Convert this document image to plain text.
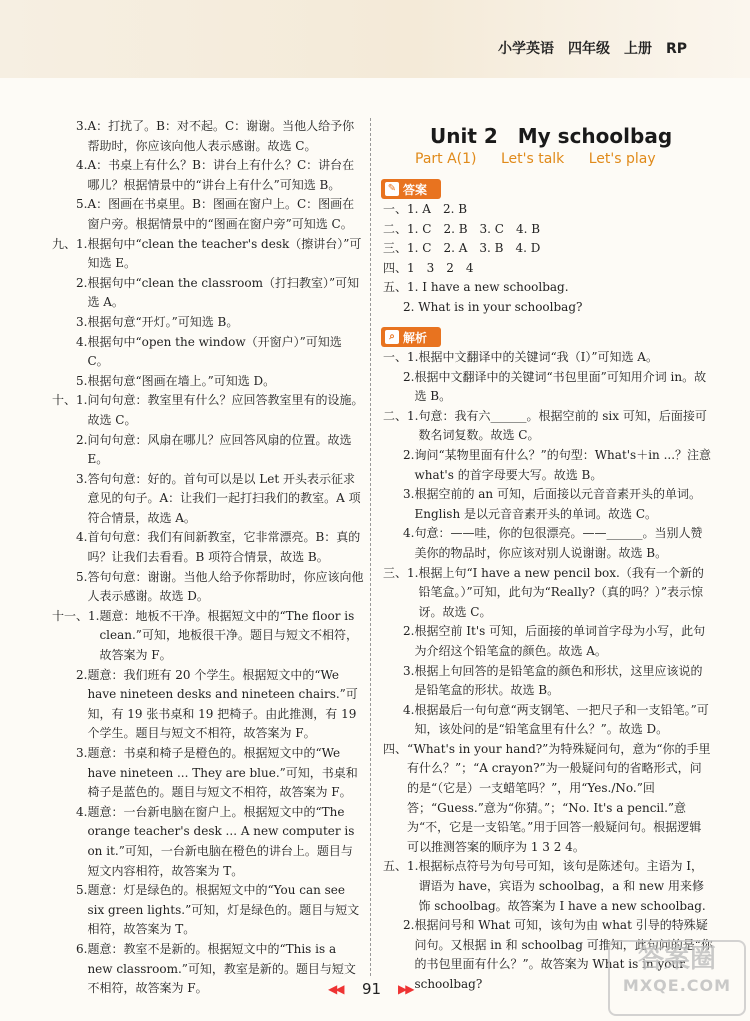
小学英语　四年级　上册　RP
3. A：打扰了。B：对不起。C：谢谢。当他人给予你帮助时，你应该向他人表示感谢。故选 C。
4. A：书桌上有什么？B：讲台上有什么？C：讲台在哪儿？根据情景中的“讲台上有什么”可知选 B。
5. A：图画在书桌里。B：图画在窗户上。C：图画在窗户旁。根据情景中的“图画在窗户旁”可知选 C。
九、1. 根据句中“clean the teacher's desk（擦讲台）”可知选 E。
2. 根据句中“clean the classroom（打扫教室）”可知选 A。
3. 根据句意“开灯。”可知选 B。
4. 根据句中“open the window（开窗户）”可知选 C。
5. 根据句意“图画在墙上。”可知选 D。
十、1. 问句句意：教室里有什么？应回答教室里有的设施。故选 C。
2. 问句句意：风扇在哪儿？应回答风扇的位置。故选 E。
3. 答句句意：好的。首句可以是以 Let 开头表示征求意见的句子。A：让我们一起打扫我们的教室。A 项符合情景，故选 A。
4. 首句句意：我们有间新教室，它非常漂亮。B：真的吗？让我们去看看。B 项符合情景，故选 B。
5. 答句句意：谢谢。当他人给予你帮助时，你应该向他人表示感谢。故选 D。
十一、1. 题意：地板不干净。根据短文中的“The floor is clean.”可知，地板很干净。题目与短文不相符，故答案为 F。
2. 题意：我们班有 20 个学生。根据短文中的“We have nineteen desks and nineteen chairs.”可知，有 19 张书桌和 19 把椅子。由此推测，有 19 个学生。题目与短文不相符，故答案为 F。
3. 题意：书桌和椅子是橙色的。根据短文中的“We have nineteen ... They are blue.”可知，书桌和椅子是蓝色的。题目与短文不相符，故答案为 F。
4. 题意：一台新电脑在窗户上。根据短文中的“The orange teacher's desk ... A new computer is on it.”可知，一台新电脑在橙色的讲台上。题目与短文内容相符，故答案为 T。
5. 题意：灯是绿色的。根据短文中的“You can see six green lights.”可知，灯是绿色的。题目与短文相符，故答案为 T。
6. 题意：教室不是新的。根据短文中的“This is a new classroom.”可知，教室是新的。题目与短文不相符，故答案为 F。
Unit 2　My schoolbag
Part A(1) Let's talk Let's play
✎ 答案
一、 1. A　2. B
二、 1. C　2. B　3. C　4. B
三、 1. C　2. A　3. B　4. D
四、 1　3　2　4
五、 1. I have a new schoolbag.
2. What is in your schoolbag?
⌕ 解析
一、1. 根据中文翻译中的关键词“我（I）”可知选 A。
2. 根据中文翻译中的关键词“书包里面”可知用介词 in。故选 B。
二、1. 句意：我有六______。根据空前的 six 可知，后面接可数名词复数。故选 C。
2. 询问“某物里面有什么？”的句型：What's＋in ...？注意 what's 的首字母要大写。故选 B。
3. 根据空前的 an 可知，后面接以元音音素开头的单词。English 是以元音音素开头的单词。故选 C。
4. 句意：——哇，你的包很漂亮。——______。当别人赞美你的物品时，你应该对别人说谢谢。故选 B。
三、1. 根据上句“I have a new pencil box.（我有一个新的铅笔盒。）”可知，此句为“Really?（真的吗？）”表示惊讶。故选 C。
2. 根据空前 It's 可知，后面接的单词首字母为小写，此句为介绍这个铅笔盒的颜色。故选 A。
3. 根据上句回答的是铅笔盒的颜色和形状，这里应该说的是铅笔盒的形状。故选 B。
4. 根据最后一句句意“两支钢笔、一把尺子和一支铅笔。”可知，该处问的是“铅笔盒里有什么？”。故选 D。
四、 “What's in your hand?”为特殊疑问句，意为“你的手里有什么？”；“A crayon?”为一般疑问句的省略形式，问的是“（它是）一支蜡笔吗？”，用“Yes./No.”回答；“Guess.”意为“你猜。”；“No. It's a pencil.”意为“不，它是一支铅笔。”用于回答一般疑问句。根据逻辑可以推测答案的顺序为 1 3 2 4。
五、1. 根据标点符号为句号可知，该句是陈述句。主语为 I，谓语为 have，宾语为 schoolbag，a 和 new 用来修饰 schoolbag。故答案为 I have a new schoolbag.
2. 根据问号和 What 可知，该句为由 what 引导的特殊疑问句。又根据 in 和 schoolbag 可推知，此句问的是“你的书包里面有什么？”。故答案为 What is in your schoolbag?
◀◀ 91 ▶▶
答案圈
MXQE.COM
